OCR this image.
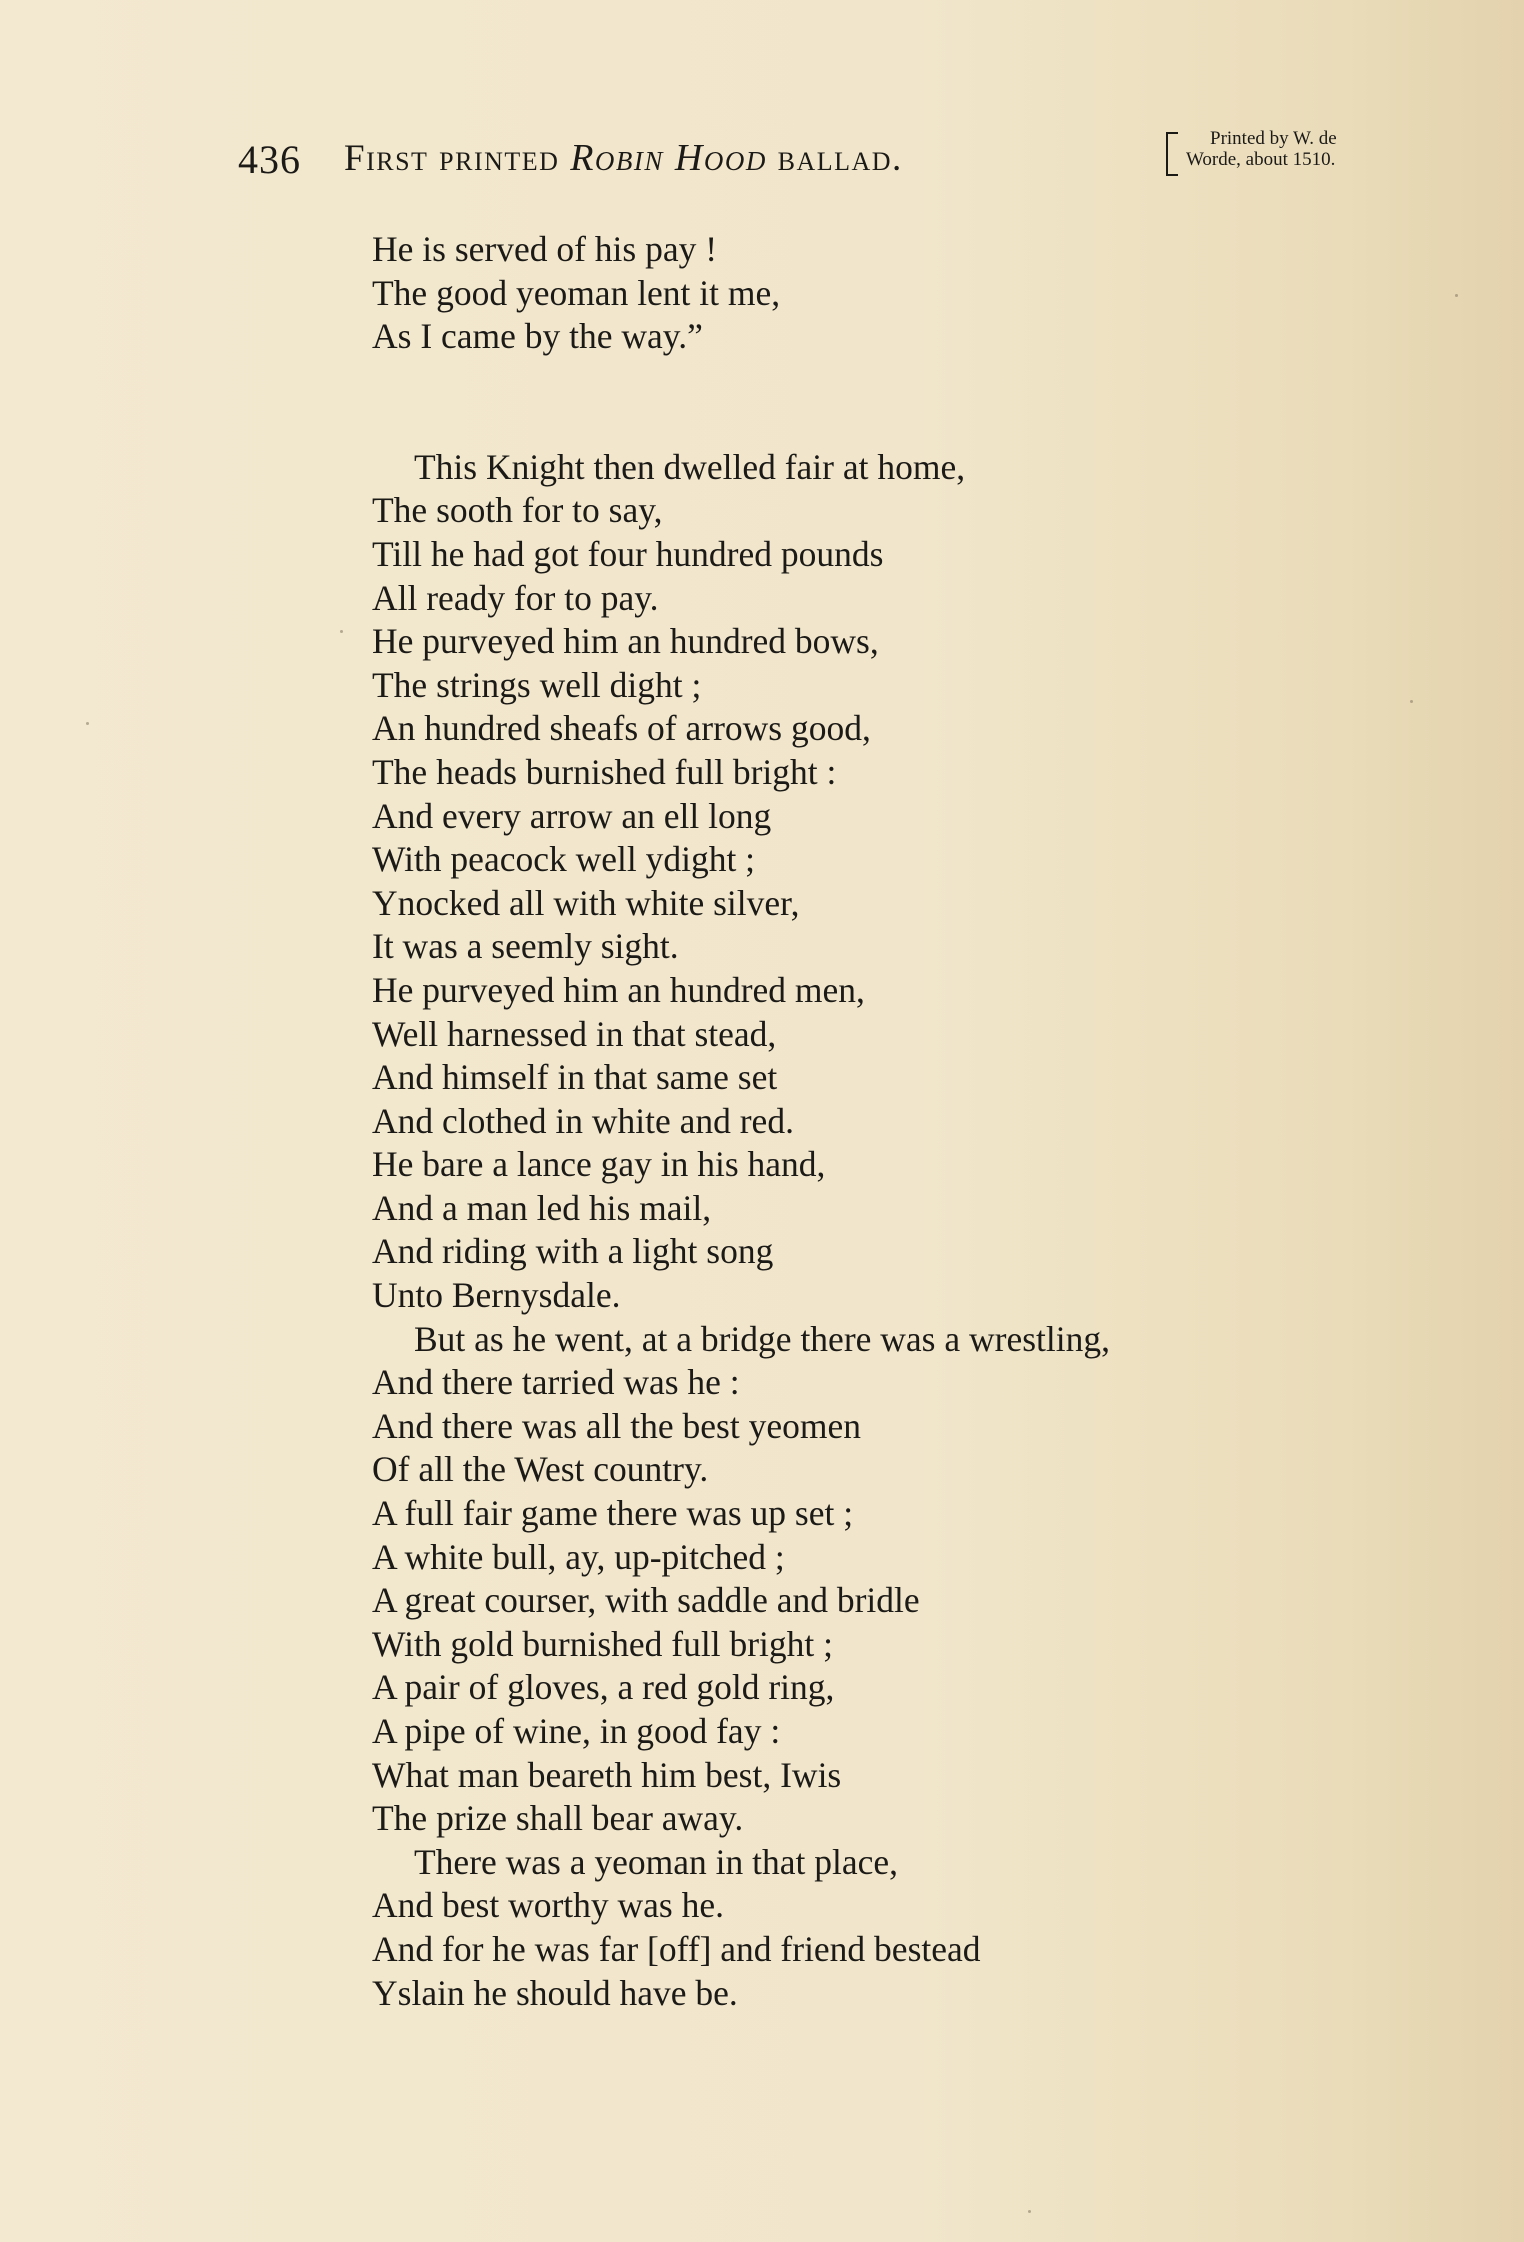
436 First printed Robin Hood ballad.	Printed by W. de
Worde, about 1510.
He is served of his pay !
The good yeoman lent it me,
As I came by the way.”
This Knight then dwelled fair at home,
The sooth for to say,
Till he had got four hundred pounds
All ready for to pay.
He purveyed him an hundred bows,
The strings well dight ;
An hundred sheafs of arrows good,
The heads burnished full bright :
And every arrow an ell long
With peacock well ydight ;
Ynocked all with white silver,
It was a seemly sight.
He purveyed him an hundred men,
Well harnessed in that stead,
And himself in that same set
And clothed in white and red.
He bare a lance gay in his hand,
And a man led his mail,
And riding with a light song
Unto Bernysdale.
But as he went, at a bridge there was a wrestling,
And there tarried was he :
And there was all the best yeomen
Of all the West country.
A full fair game there was up set ;
A white bull, ay, up-pitched ;
A great courser, with saddle and bridle
With gold burnished full bright ;
A pair of gloves, a red gold ring,
A pipe of wine, in good fay :
What man beareth him best, Iwis
The prize shall bear away.
There was a yeoman in that place,
And best worthy was he.
And for he was far [off] and friend bestead
Yslain he should have be.
